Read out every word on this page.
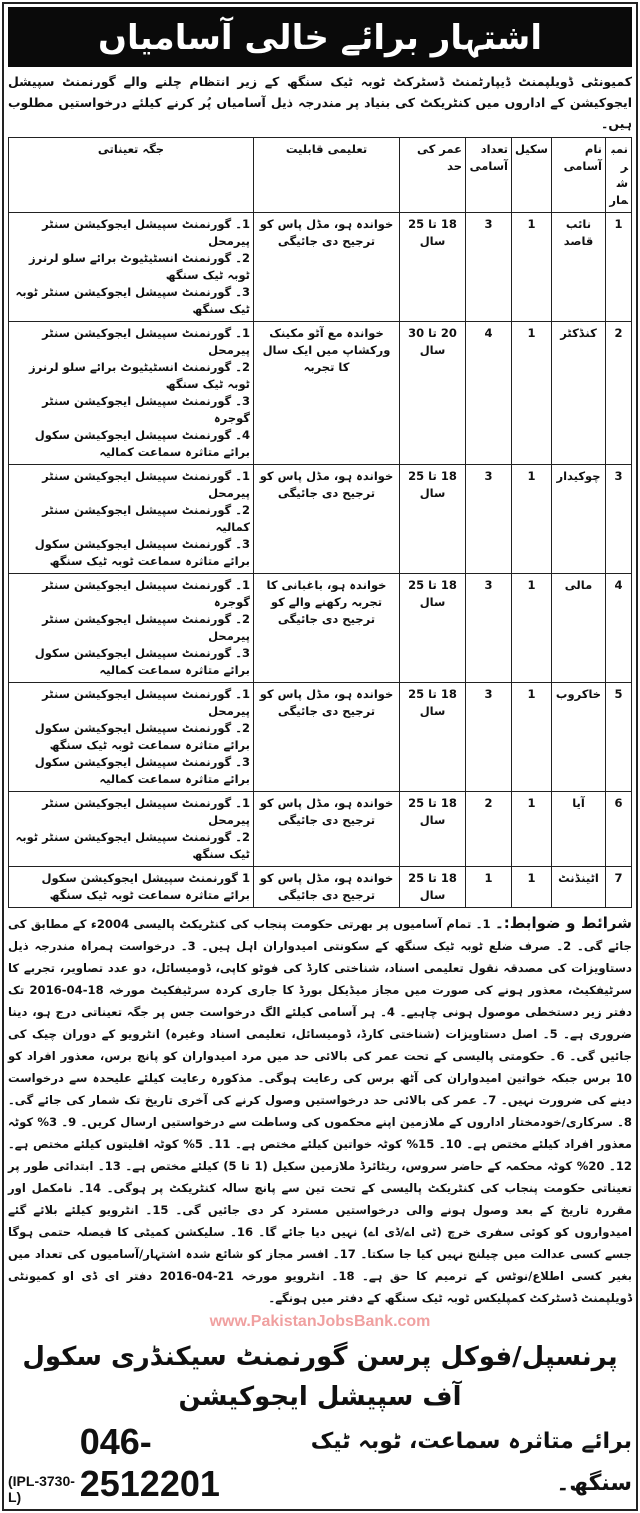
اشتہار برائے خالی آسامیاں
کمیونٹی ڈویلپمنٹ ڈیپارٹمنٹ ڈسٹرکٹ ٹوبہ ٹیک سنگھ کے زیر انتظام چلنے والے گورنمنٹ سپیشل ایجوکیشن کے اداروں میں کنٹریکٹ کی بنیاد پر مندرجہ ذیل آسامیاں پُر کرنے کیلئے درخواستیں مطلوب ہیں۔
نمبر شمار	نام آسامی	سکیل	تعداد آسامی	عمر کی حد	تعلیمی قابلیت	جگہ تعیناتی
1	نائب قاصد	1	3	18 تا 25 سال	خواندہ ہو، مڈل پاس کو ترجیح دی جائیگی	1۔ گورنمنٹ سپیشل ایجوکیشن سنٹر پیرمحل
2۔ گورنمنٹ انسٹیٹیوٹ برائے سلو لرنرز ٹوبہ ٹیک سنگھ
3۔ گورنمنٹ سپیشل ایجوکیشن سنٹر ٹوبہ ٹیک سنگھ

2	کنڈکٹر	1	4	20 تا 30 سال	خواندہ مع آٹو مکینک ورکشاپ میں ایک سال کا تجربہ	1۔ گورنمنٹ سپیشل ایجوکیشن سنٹر پیرمحل
2۔ گورنمنٹ انسٹیٹیوٹ برائے سلو لرنرز ٹوبہ ٹیک سنگھ
3۔ گورنمنٹ سپیشل ایجوکیشن سنٹر گوجرہ
4۔ گورنمنٹ سپیشل ایجوکیشن سکول برائے متاثرہ سماعت کمالیہ

3	چوکیدار	1	3	18 تا 25 سال	خواندہ ہو، مڈل پاس کو ترجیح دی جائیگی	1۔ گورنمنٹ سپیشل ایجوکیشن سنٹر پیرمحل
2۔ گورنمنٹ سپیشل ایجوکیشن سنٹر کمالیہ
3۔ گورنمنٹ سپیشل ایجوکیشن سکول برائے متاثرہ سماعت ٹوبہ ٹیک سنگھ

4	مالی	1	3	18 تا 25 سال	خواندہ ہو، باغبانی کا تجربہ رکھنے والے کو ترجیح دی جائیگی	1۔ گورنمنٹ سپیشل ایجوکیشن سنٹر گوجرہ
2۔ گورنمنٹ سپیشل ایجوکیشن سنٹر پیرمحل
3۔ گورنمنٹ سپیشل ایجوکیشن سکول برائے متاثرہ سماعت کمالیہ

5	خاکروب	1	3	18 تا 25 سال	خواندہ ہو، مڈل پاس کو ترجیح دی جائیگی	1۔ گورنمنٹ سپیشل ایجوکیشن سنٹر پیرمحل
2۔ گورنمنٹ سپیشل ایجوکیشن سکول برائے متاثرہ سماعت ٹوبہ ٹیک سنگھ
3۔ گورنمنٹ سپیشل ایجوکیشن سکول برائے متاثرہ سماعت کمالیہ

6	آیا	1	2	18 تا 25 سال	خواندہ ہو، مڈل پاس کو ترجیح دی جائیگی	1۔ گورنمنٹ سپیشل ایجوکیشن سنٹر پیرمحل
2۔ گورنمنٹ سپیشل ایجوکیشن سنٹر ٹوبہ ٹیک سنگھ

7	اٹینڈنٹ	1	1	18 تا 25 سال	خواندہ ہو، مڈل پاس کو ترجیح دی جائیگی	1 گورنمنٹ سپیشل ایجوکیشن سکول برائے متاثرہ سماعت ٹوبہ ٹیک سنگھ
شرائط و ضوابط:۔ 1۔ تمام آسامیوں پر بھرتی حکومت پنجاب کی کنٹریکٹ پالیسی 2004ء کے مطابق کی جائے گی۔ 2۔ صرف ضلع ٹوبہ ٹیک سنگھ کے سکونتی امیدواران اہل ہیں۔ 3۔ درخواست ہمراہ مندرجہ ذیل دستاویزات کی مصدقہ نقول تعلیمی اسناد، شناختی کارڈ کی فوٹو کاپی، ڈومیسائل، دو عدد تصاویر، تجربے کا سرٹیفکیٹ، معذور ہونے کی صورت میں مجاز میڈیکل بورڈ کا جاری کردہ سرٹیفکیٹ مورخہ 18-04-2016 تک دفتر زیر دستخطی موصول ہونی چاہیے۔ 4۔ ہر آسامی کیلئے الگ درخواست جس پر جگہ تعیناتی درج ہو، دینا ضروری ہے۔ 5۔ اصل دستاویزات (شناختی کارڈ، ڈومیسائل، تعلیمی اسناد وغیرہ) انٹرویو کے دوران چیک کی جائیں گی۔ 6۔ حکومتی پالیسی کے تحت عمر کی بالائی حد میں مرد امیدواران کو پانچ برس، معذور افراد کو 10 برس جبکہ خواتین امیدواران کی آٹھ برس کی رعایت ہوگی۔ مذکورہ رعایت کیلئے علیحدہ سے درخواست دینے کی ضرورت نہیں۔ 7۔ عمر کی بالائی حد درخواستیں وصول کرنے کی آخری تاریخ تک شمار کی جائے گی۔ 8۔ سرکاری/خودمختار اداروں کے ملازمین اپنے محکموں کی وساطت سے درخواستیں ارسال کریں۔ 9۔ 3% کوٹہ معذور افراد کیلئے مختص ہے۔ 10۔ 15% کوٹہ خواتین کیلئے مختص ہے۔ 11۔ 5% کوٹہ اقلیتوں کیلئے مختص ہے۔ 12۔ 20% کوٹہ محکمہ کے حاضر سروس، ریٹائرڈ ملازمین سکیل (1 تا 5) کیلئے مختص ہے۔ 13۔ ابتدائی طور پر تعیناتی حکومت پنجاب کی کنٹریکٹ پالیسی کے تحت تین سے پانچ سالہ کنٹریکٹ پر ہوگی۔ 14۔ نامکمل اور مقررہ تاریخ کے بعد وصول ہونے والی درخواستیں مسترد کر دی جائیں گی۔ 15۔ انٹرویو کیلئے بلائے گئے امیدواروں کو کوئی سفری خرچ (ٹی اے/ڈی اے) نہیں دیا جائے گا۔ 16۔ سلیکشن کمیٹی کا فیصلہ حتمی ہوگا جسے کسی عدالت میں چیلنج نہیں کیا جا سکتا۔ 17۔ افسر مجاز کو شائع شدہ اشتہار/آسامیوں کی تعداد میں بغیر کسی اطلاع/نوٹس کے ترمیم کا حق ہے۔ 18۔ انٹرویو مورخہ 21-04-2016 دفتر ای ڈی او کمیونٹی ڈویلپمنٹ ڈسٹرکٹ کمپلیکس ٹوبہ ٹیک سنگھ کے دفتر میں ہونگے۔
www.PakistanJobsBank.com
پرنسپل/فوکل پرسن گورنمنٹ سیکنڈری سکول آف سپیشل ایجوکیشن
(IPL-3730-L)
046-2512201
برائے متاثرہ سماعت، ٹوبہ ٹیک سنگھ۔
